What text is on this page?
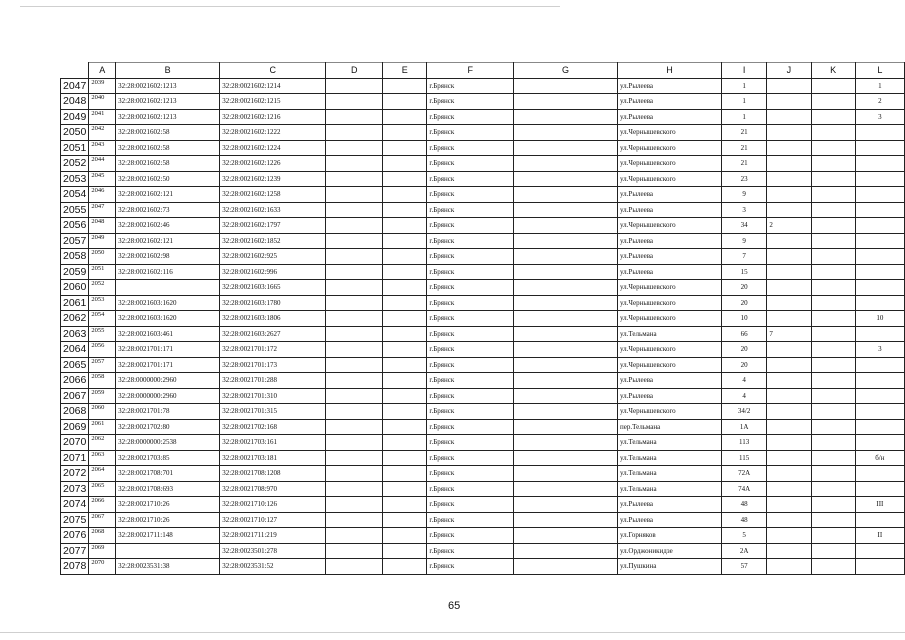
	A	B	C	D	E	F	G	H	I	J	K	L
2047	2039	32:28:0021602:1213	32:28:0021602:1214			г.Брянск		ул.Рылеева	1			1
2048	2040	32:28:0021602:1213	32:28:0021602:1215			г.Брянск		ул.Рылеева	1			2
2049	2041	32:28:0021602:1213	32:28:0021602:1216			г.Брянск		ул.Рылеева	1			3
2050	2042	32:28:0021602:58	32:28:0021602:1222			г.Брянск		ул.Чернышевского	21			
2051	2043	32:28:0021602:58	32:28:0021602:1224			г.Брянск		ул.Чернышевского	21			
2052	2044	32:28:0021602:58	32:28:0021602:1226			г.Брянск		ул.Чернышевского	21			
2053	2045	32:28:0021602:50	32:28:0021602:1239			г.Брянск		ул.Чернышевского	23			
2054	2046	32:28:0021602:121	32:28:0021602:1258			г.Брянск		ул.Рылеева	9			
2055	2047	32:28:0021602:73	32:28:0021602:1633			г.Брянск		ул.Рылеева	3			
2056	2048	32:28:0021602:46	32:28:0021602:1797			г.Брянск		ул.Чернышевского	34	2		
2057	2049	32:28:0021602:121	32:28:0021602:1852			г.Брянск		ул.Рылеева	9			
2058	2050	32:28:0021602:98	32:28:0021602:925			г.Брянск		ул.Рылеева	7			
2059	2051	32:28:0021602:116	32:28:0021602:996			г.Брянск		ул.Рылеева	15			
2060	2052		32:28:0021603:1665			г.Брянск		ул.Чернышевского	20			
2061	2053	32:28:0021603:1620	32:28:0021603:1780			г.Брянск		ул.Чернышевского	20			
2062	2054	32:28:0021603:1620	32:28:0021603:1806			г.Брянск		ул.Чернышевского	10			10
2063	2055	32:28:0021603:461	32:28:0021603:2627			г.Брянск		ул.Тельмана	66	7		
2064	2056	32:28:0021701:171	32:28:0021701:172			г.Брянск		ул.Чернышевского	20			3
2065	2057	32:28:0021701:171	32:28:0021701:173			г.Брянск		ул.Чернышевского	20			
2066	2058	32:28:0000000:2960	32:28:0021701:288			г.Брянск		ул.Рылеева	4			
2067	2059	32:28:0000000:2960	32:28:0021701:310			г.Брянск		ул.Рылеева	4			
2068	2060	32:28:0021701:78	32:28:0021701:315			г.Брянск		ул.Чернышевского	34/2			
2069	2061	32:28:0021702:80	32:28:0021702:168			г.Брянск		пер.Тельмана	1А			
2070	2062	32:28:0000000:2538	32:28:0021703:161			г.Брянск		ул.Тельмана	113			
2071	2063	32:28:0021703:85	32:28:0021703:181			г.Брянск		ул.Тельмана	115			б/н
2072	2064	32:28:0021708:701	32:28:0021708:1208			г.Брянск		ул.Тельмана	72А			
2073	2065	32:28:0021708:693	32:28:0021708:970			г.Брянск		ул.Тельмана	74А			
2074	2066	32:28:0021710:26	32:28:0021710:126			г.Брянск		ул.Рылеева	48			III
2075	2067	32:28:0021710:26	32:28:0021710:127			г.Брянск		ул.Рылеева	48			
2076	2068	32:28:0021711:148	32:28:0021711:219			г.Брянск		ул.Горняков	5			II
2077	2069		32:28:0023501:278			г.Брянск		ул.Орджоникидзе	2А			
2078	2070	32:28:0023531:38	32:28:0023531:52			г.Брянск		ул.Пушкина	57			
65
